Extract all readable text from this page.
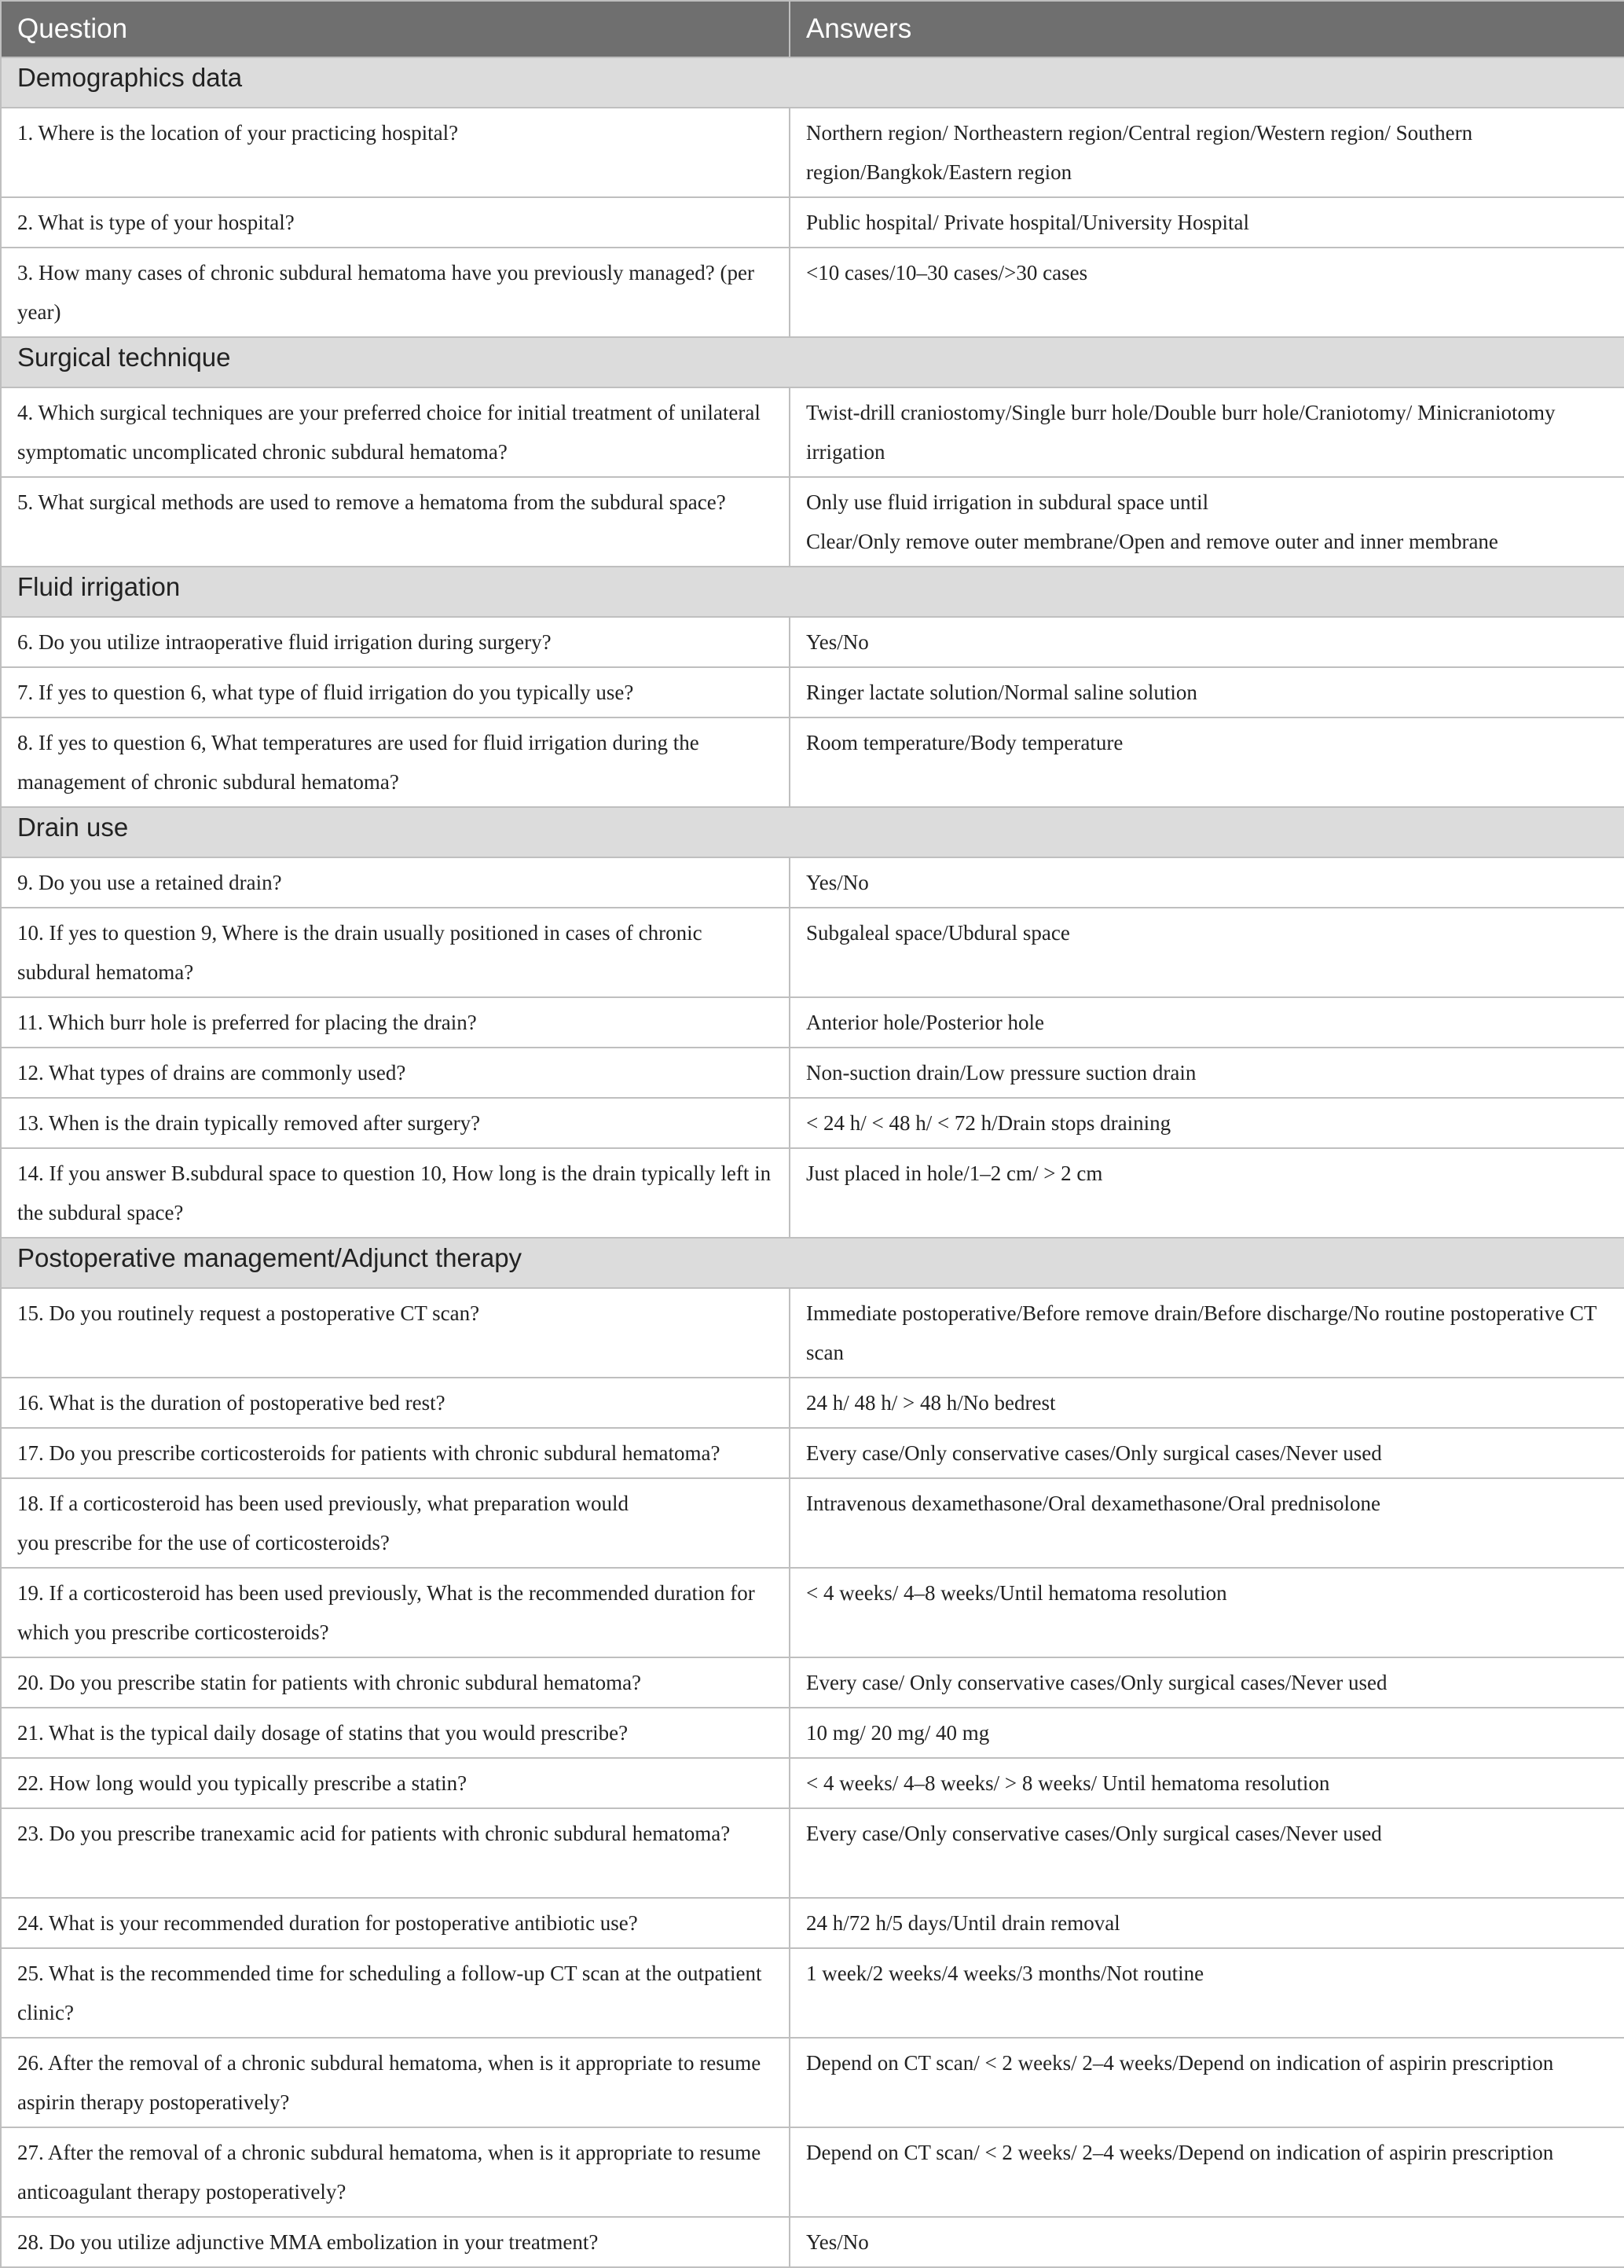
Question	Answers
Demographics data	
1. Where is the location of your practicing hospital?	Northern region/ Northeastern region/Central region/Western region/ Southern region/Bangkok/Eastern region
2. What is type of your hospital?	Public hospital/ Private hospital/University Hospital
3. How many cases of chronic subdural hematoma have you previously managed? (per year)	<10 cases/10–30 cases/>30 cases
Surgical technique	
4. Which surgical techniques are your preferred choice for initial treatment of unilateral symptomatic uncomplicated chronic subdural hematoma?	Twist-drill craniostomy/Single burr hole/Double burr hole/Craniotomy/ Minicraniotomy irrigation
5. What surgical methods are used to remove a hematoma from the subdural space?	Only use fluid irrigation in subdural space until
Clear/Only remove outer membrane/Open and remove outer and inner membrane
Fluid irrigation	
6. Do you utilize intraoperative fluid irrigation during surgery?	Yes/No
7. If yes to question 6, what type of fluid irrigation do you typically use?	Ringer lactate solution/Normal saline solution
8. If yes to question 6, What temperatures are used for fluid irrigation during the management of chronic subdural hematoma?	Room temperature/Body temperature
Drain use	
9. Do you use a retained drain?	Yes/No
10. If yes to question 9, Where is the drain usually positioned in cases of chronic subdural hematoma?	Subgaleal space/Ubdural space
11. Which burr hole is preferred for placing the drain?	Anterior hole/Posterior hole
12. What types of drains are commonly used?	Non-suction drain/Low pressure suction drain
13. When is the drain typically removed after surgery?	< 24 h/ < 48 h/ < 72 h/Drain stops draining
14. If you answer B.subdural space to question 10, How long is the drain typically left in the subdural space?	Just placed in hole/1–2 cm/ > 2 cm
Postoperative management/Adjunct therapy	
15. Do you routinely request a postoperative CT scan?	Immediate postoperative/Before remove drain/Before discharge/No routine postoperative CT scan
16. What is the duration of postoperative bed rest?	24 h/ 48 h/ > 48 h/No bedrest
17. Do you prescribe corticosteroids for patients with chronic subdural hematoma?	Every case/Only conservative cases/Only surgical cases/Never used
18. If a corticosteroid has been used previously, what preparation would
you prescribe for the use of corticosteroids?	Intravenous dexamethasone/Oral dexamethasone/Oral prednisolone
19. If a corticosteroid has been used previously, What is the recommended duration for which you prescribe corticosteroids?	< 4 weeks/ 4–8 weeks/Until hematoma resolution
20. Do you prescribe statin for patients with chronic subdural hematoma?	Every case/ Only conservative cases/Only surgical cases/Never used
21. What is the typical daily dosage of statins that you would prescribe?	10 mg/ 20 mg/ 40 mg
22. How long would you typically prescribe a statin?	< 4 weeks/ 4–8 weeks/ > 8 weeks/ Until hematoma resolution
23. Do you prescribe tranexamic acid for patients with chronic subdural hematoma?	Every case/Only conservative cases/Only surgical cases/Never used
24. What is your recommended duration for postoperative antibiotic use?	24 h/72 h/5 days/Until drain removal
25. What is the recommended time for scheduling a follow-up CT scan at the outpatient clinic?	1 week/2 weeks/4 weeks/3 months/Not routine
26. After the removal of a chronic subdural hematoma, when is it appropriate to resume aspirin therapy postoperatively?	Depend on CT scan/ < 2 weeks/ 2–4 weeks/Depend on indication of aspirin prescription
27. After the removal of a chronic subdural hematoma, when is it appropriate to resume anticoagulant therapy postoperatively?	Depend on CT scan/ < 2 weeks/ 2–4 weeks/Depend on indication of aspirin prescription
28. Do you utilize adjunctive MMA embolization in your treatment?	Yes/No
